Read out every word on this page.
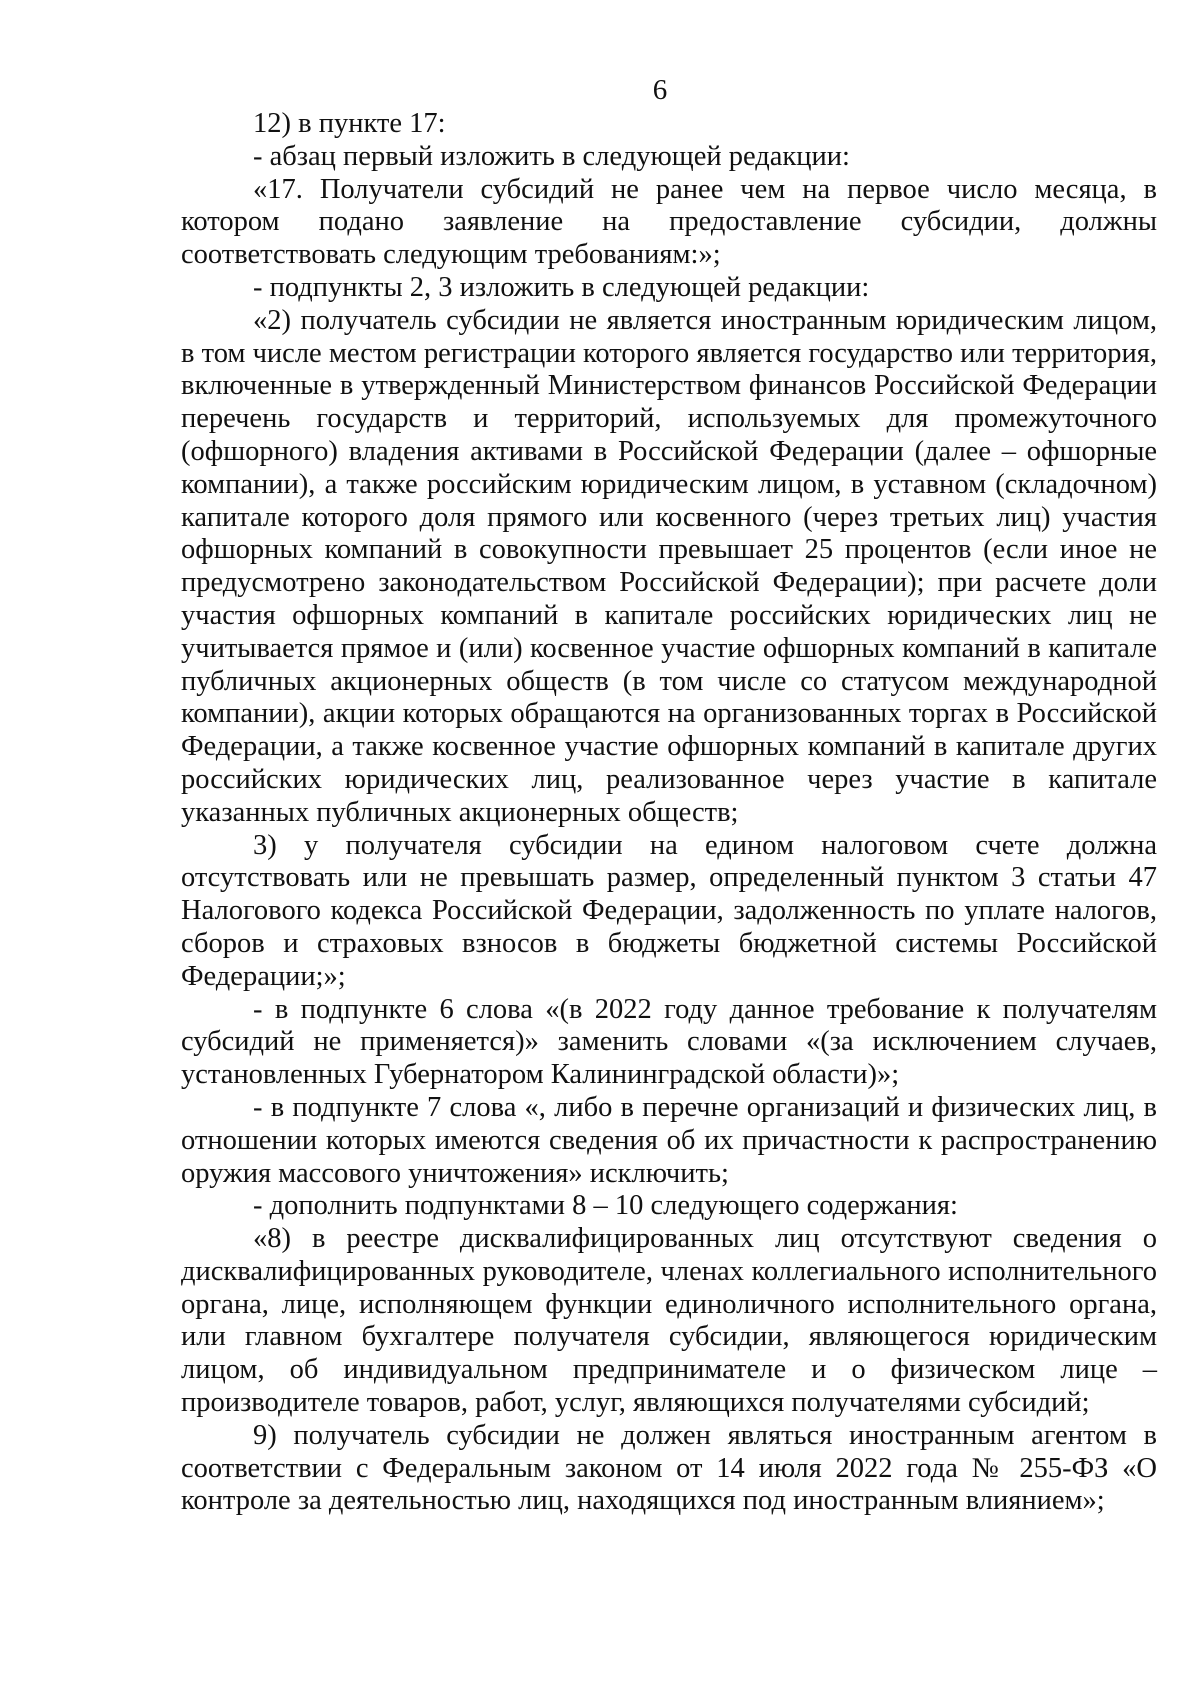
6

12) в пункте 17:

- абзац первый изложить в следующей редакции:

«17. Получатели субсидий не ранее чем на первое число месяца, в котором подано заявление на предоставление субсидии, должны соответствовать следующим требованиям:»;

- подпункты 2, 3 изложить в следующей редакции:

«2) получатель субсидии не является иностранным юридическим лицом, в том числе местом регистрации которого является государство или территория, включенные в утвержденный Министерством финансов Российской Федерации перечень государств и территорий, используемых для промежуточного (офшорного) владения активами в Российской Федерации (далее – офшорные компании), а также российским юридическим лицом, в уставном (складочном) капитале которого доля прямого или косвенного (через третьих лиц) участия офшорных компаний в совокупности превышает 25 процентов (если иное не предусмотрено законодательством Российской Федерации); при расчете доли участия офшорных компаний в капитале российских юридических лиц не учитывается прямое и (или) косвенное участие офшорных компаний в капитале публичных акционерных обществ (в том числе со статусом международной компании), акции которых обращаются на организованных торгах в Российской Федерации, а также косвенное участие офшорных компаний в капитале других российских юридических лиц, реализованное через участие в капитале указанных публичных акционерных обществ;

3) у получателя субсидии на едином налоговом счете должна отсутствовать или не превышать размер, определенный пунктом 3 статьи 47 Налогового кодекса Российской Федерации, задолженность по уплате налогов, сборов и страховых взносов в бюджеты бюджетной системы Российской Федерации;»;

- в подпункте 6 слова «(в 2022 году данное требование к получателям субсидий не применяется)» заменить словами «(за исключением случаев, установленных Губернатором Калининградской области)»;

- в подпункте 7 слова «, либо в перечне организаций и физических лиц, в отношении которых имеются сведения об их причастности к распространению оружия массового уничтожения» исключить;

- дополнить подпунктами 8 – 10 следующего содержания:

«8) в реестре дисквалифицированных лиц отсутствуют сведения о дисквалифицированных руководителе, членах коллегиального исполнительного органа, лице, исполняющем функции единоличного исполнительного органа, или главном бухгалтере получателя субсидии, являющегося юридическим лицом, об индивидуальном предпринимателе и о физическом лице – производителе товаров, работ, услуг, являющихся получателями субсидий;

9) получатель субсидии не должен являться иностранным агентом в соответствии с Федеральным законом от 14 июля 2022 года № 255-ФЗ «О контроле за деятельностью лиц, находящихся под иностранным влиянием»;
